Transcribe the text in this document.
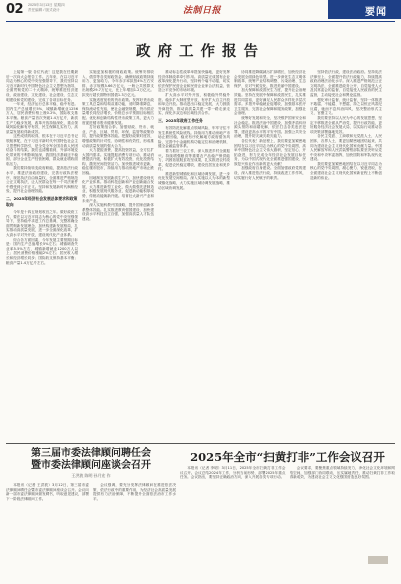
02 2025年3月13日 星期四
责任编辑 / 版式设计	法制日报	要闻
政府工作报告

上接第一版 各位代表！这是我在任期最后一次向大会报告工作。五年来，在以习近平同志为核心的党中央坚强领导下，我们坚持以习近平新时代中国特色社会主义思想为指导，全面贯彻党的二十大精神，统筹推进经济建设、政治建设、文化建设、社会建设、生态文明建设和党的建设，完成了各项目标任务。

一年来，经济运行总体平稳、稳中有进。国内生产总值增长5%，城镇新增就业1256万人，居民消费价格上涨0.2%，国际收支基本平衡。粮食产量首次突破1.4万亿斤，新质生产力稳步发展，改革开放持续深化，重点领域风险化解有序有效，民生保障扎实有力，高质量发展取得新成效。

这些成绩的取得，根本在于习近平总书记领航掌舵，在于习近平新时代中国特色社会主义思想科学指引，是全党全军全国各族人民团结奋斗的结果。我们也清醒看到，外部环境变化带来的不利影响加深，我国经济基础还不稳固，部分企业生产经营困难，群众就业增收面临压力。

我们要持续转变政府职能，提高依法行政水平，推进法治政府建设，完善行政执法程序，规范执法自由裁量权，全面推进严格规范公正文明执法，让人民群众在每一个司法案件中感受到公平正义。坚持和发展新时代枫桥经验，提升社会治理效能。

二、2025年经济社会发展总体要求和政策取向

今年是十四五规划收官之年。做好政府工作，要在以习近平同志为核心的党中央坚强领导下，坚持稳中求进工作总基调，完整准确全面贯彻新发展理念，加快构建新发展格局，扎实推动高质量发展，进一步全面深化改革，扩大高水平对外开放，建设现代化产业体系。

综合各方面因素，今年发展主要预期目标是：国内生产总值增长5%左右；城镇调查失业率5.5%左右，城镇新增就业1200万人以上；居民消费价格涨幅2%左右；居民收入增长和经济增长同步；国际收支保持基本平衡；粮食产量1.4万亿斤左右。

实施更加积极的财政政策。统筹安排收入、债券等各类财政资金，确保财政政策持续用力、更加给力。今年赤字率拟按4%左右安排，赤字规模5.66万亿元，一般公共预算支出规模29.7万亿元，比上年增加1.2万亿元。拟发行超长期特别国债1.3万亿元。

实施适度宽松的货币政策。发挥好货币政策工具总量和结构双重功能，适时降准降息，保持流动性充裕，使社会融资规模、货币供应量增长同经济增长、价格总水平预期目标相匹配。优化和创新结构性货币政策工具，更大力度促进楼市股市健康发展。

打好政策组合拳。加强财政、货币、就业、产业、区域、贸易、环保、监管等政策协同，提升政策整体效能。把握好政策时度效，增强政策的针对性、协调性和有效性，形成推动高质量发展的强大合力。

大力提振消费、提高投资效益，全方位扩大国内需求。实施提振消费专项行动，推动消费提质升级，积极扩大有效投资，优化投资结构，激发民间投资活力。加快推进城市更新，稳住楼市股市，持续用力推动房地产市场止跌回稳。

因地制宜发展新质生产力，加快建设现代化产业体系。推动科技创新和产业创新融合发展，大力推进新型工业化，做大做强先进制造业，积极发展现代服务业，促进新动能积厚成势、传统动能焕新升级。培育壮大新兴产业和未来产业。

深入实施科教兴国战略，提升国家创新体系整体效能。扎实推进教育强国建设，加快建设高水平科技自立自强，加强高质量人才队伍建设。

推动标志性改革举措加快落地，更好发挥经济体制改革牵引作用。高质量完成国有企业改革深化提升行动，坚持两个毫不动摇，切实依法保护民营企业和民营企业家合法权益，营造公平竞争的市场环境。

扩大高水平对外开放，积极稳外贸稳外资。稳步扩大制度型开放，有序扩大自主开放和单边开放。推动进出口稳定发展，大力鼓励外商投资，推动高质量共建一带一路走深走实，深化多双边和区域经济合作。

三、2025年政府工作任务

有效防范化解重点领域风险，牢牢守住不发生系统性风险底线。持续用力推动房地产市场止跌回稳，稳妥有序化解地方政府债务风险，完善中小金融机构功能定位和治理机制，健全金融监管体系。

着力抓好三农工作，深入推进乡村全面振兴。持续增强粮食等重要农产品稳产保供能力，巩固拓展脱贫攻坚成果，扎实推进农村改革，促进农民稳定增收，建设宜居宜业和美乡村。

推进新型城镇化和区域协调发展，进一步优化发展空间格局。深入实施以人为本的新型城镇化战略，大力实施区域协调发展战略，推动区域协调发展。

协同推进降碳减污扩绿增长，加快经济社会发展全面绿色转型。进一步深化生态文明体制改革，统筹产业结构调整、污染治理、生态保护、应对气候变化，推进美丽中国建设。

加大保障和改善民生力度，提升社会治理效能。坚持在发展中保障和改善民生，扎实推进共同富裕，更好满足人民群众多样化多层次需求。多措并举稳就业促增收，加强基本医疗卫生服务，完善社会保障和服务政策，加强社会治理。

统筹好发展和安全，坚决维护国家安全和社会稳定。推进法治中国建设，加强矛盾纠纷源头预防和前端化解，依法打击各类违法犯罪，建设更高水平的平安中国。加强公共安全治理，提升防灾减灾救灾能力。

各位代表！新征程上，我们要更加紧密地团结在以习近平同志为核心的党中央周围，高举中国特色社会主义伟大旗帜，坚定信心、开拓奋进，努力完成全年经济社会发展目标任务，为以中国式现代化全面推进强国建设、民族复兴伟业作出新的更大贡献！

加强政府自身建设。全面加强政府党的建设，深入推进依法行政，持续改进工作作风，切实履行好人民赋予的职责。

坚持依法行政，建设法治政府。坚持宪法法律至上，全面提升依法行政能力，持续提高政府治理法治化水平。深入推进严格规范公正文明执法，全面推进政务公开，自觉接受人大及其常委会的监督，自觉接受人民政协的民主监督，主动接受社会和舆论监督。

强化审计监督、统计监督，坚持一体推进不敢腐、不能腐、不想腐，持之以恒正风肃纪反腐，驰而不息纠治四风，坚决整治形式主义、官僚主义。

我们要坚持以人民为中心的发展思想，坚定不移推进全面从严治党，提升行政效能，更好服务经济社会发展大局，以实际行动推动各项决策部署落地见效。

各民主党派、工商联和无党派人士，人民团体，各界人士，要更加紧密地团结起来，共同为建设社会主义现代化国家贡献力量。中国人民解放军和人民武装警察部队要坚决听从党中央和中央军委指挥，加快国防和军队现代化建设。

我们要更加紧密地团结在以习近平同志为核心的党中央周围，凝心聚力、锐意进取，在全面建设社会主义现代化国家新征程上不断创造新的伟业。

第三届市委法律顾问聘任会

暨市委法律顾问座谈会召开

王洪波 陈明 孙月宏 作

本报讯（记者 王洪波）3月12日，第三届市委法律顾问聘任会暨市委法律顾问座谈会召开。会议向新一届市委法律顾问颁发聘书，听取意见建议，部署下一阶段法律顾问工作。

会议强调，要充分发挥法律顾问在推进依法决策、依法行政中的重要作用，为经济社会高质量发展提供有力法治保障，不断提升全面依法治市工作水平。

2025年全市“扫黄打非”工作会议召开

本报讯（记者 李明）3月11日，2025年全市扫黄打非工作会议召开。会议总结2024年工作，分析当前形势，部署2025年重点任务。会议指出，要坚持正确政治方向，深入开展各类专项行动。

会议要求，要聚焦重点领域持续发力，净化社会文化环境和网络空间，加强部门协同联动，压实属地责任，推动扫黄打非工作取得新成效，为建设社会主义文化强国营造良好氛围。
